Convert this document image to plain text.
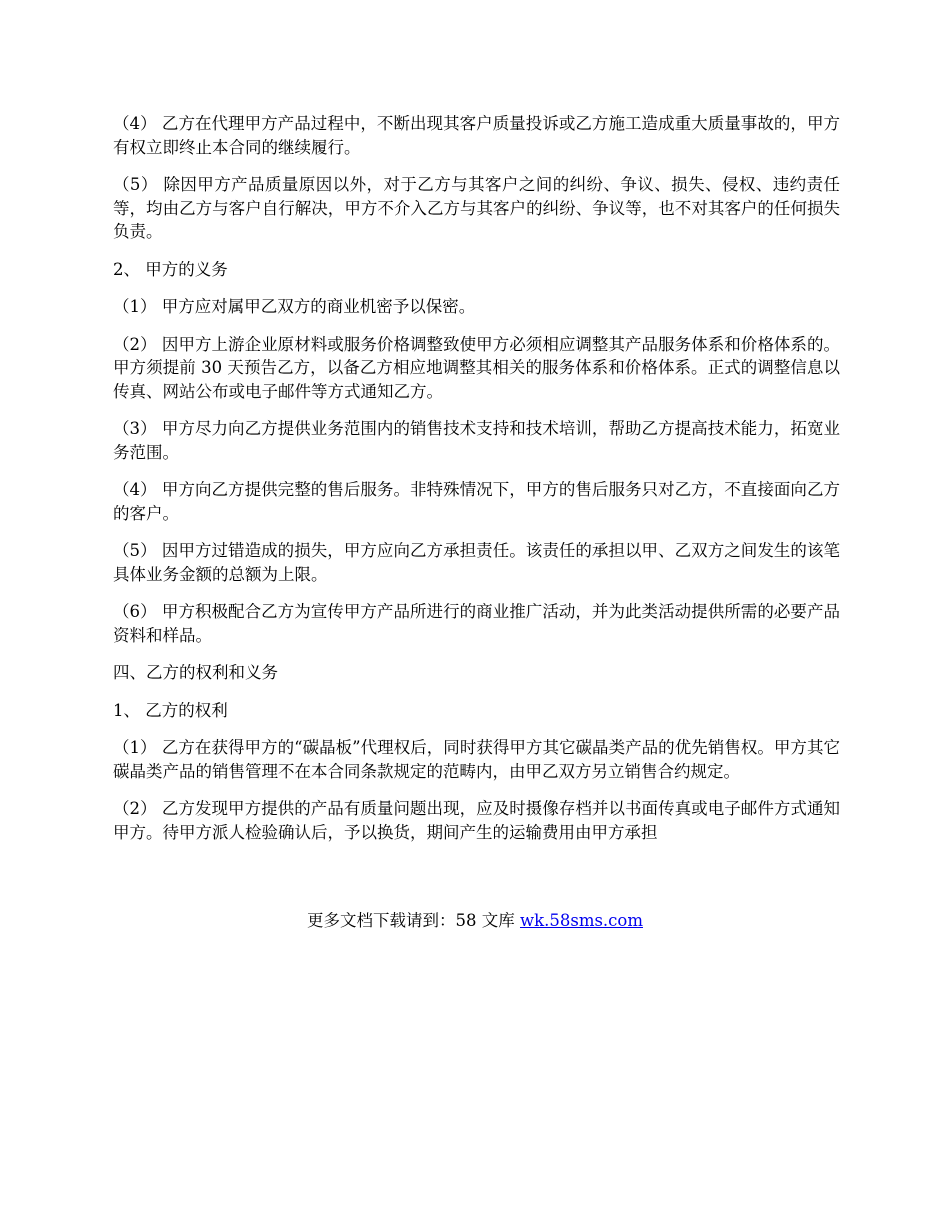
（4） 乙方在代理甲方产品过程中，不断出现其客户质量投诉或乙方施工造成重大质量事故的，甲方有权立即终止本合同的继续履行。

（5） 除因甲方产品质量原因以外，对于乙方与其客户之间的纠纷、争议、损失、侵权、违约责任等，均由乙方与客户自行解决，甲方不介入乙方与其客户的纠纷、争议等，也不对其客户的任何损失负责。

2、 甲方的义务

（1） 甲方应对属甲乙双方的商业机密予以保密。

（2） 因甲方上游企业原材料或服务价格调整致使甲方必须相应调整其产品服务体系和价格体系的。甲方须提前 30 天预告乙方，以备乙方相应地调整其相关的服务体系和价格体系。正式的调整信息以传真、网站公布或电子邮件等方式通知乙方。

（3） 甲方尽力向乙方提供业务范围内的销售技术支持和技术培训，帮助乙方提高技术能力，拓宽业务范围。

（4） 甲方向乙方提供完整的售后服务。非特殊情况下，甲方的售后服务只对乙方，不直接面向乙方的客户。

（5） 因甲方过错造成的损失，甲方应向乙方承担责任。该责任的承担以甲、乙双方之间发生的该笔具体业务金额的总额为上限。

（6） 甲方积极配合乙方为宣传甲方产品所进行的商业推广活动，并为此类活动提供所需的必要产品资料和样品。

四、乙方的权利和义务

1、 乙方的权利

（1） 乙方在获得甲方的“碳晶板”代理权后，同时获得甲方其它碳晶类产品的优先销售权。甲方其它碳晶类产品的销售管理不在本合同条款规定的范畴内，由甲乙双方另立销售合约规定。

（2） 乙方发现甲方提供的产品有质量问题出现，应及时摄像存档并以书面传真或电子邮件方式通知甲方。待甲方派人检验确认后，予以换货，期间产生的运输费用由甲方承担

更多文档下载请到：58 文库 wk.58sms.com
